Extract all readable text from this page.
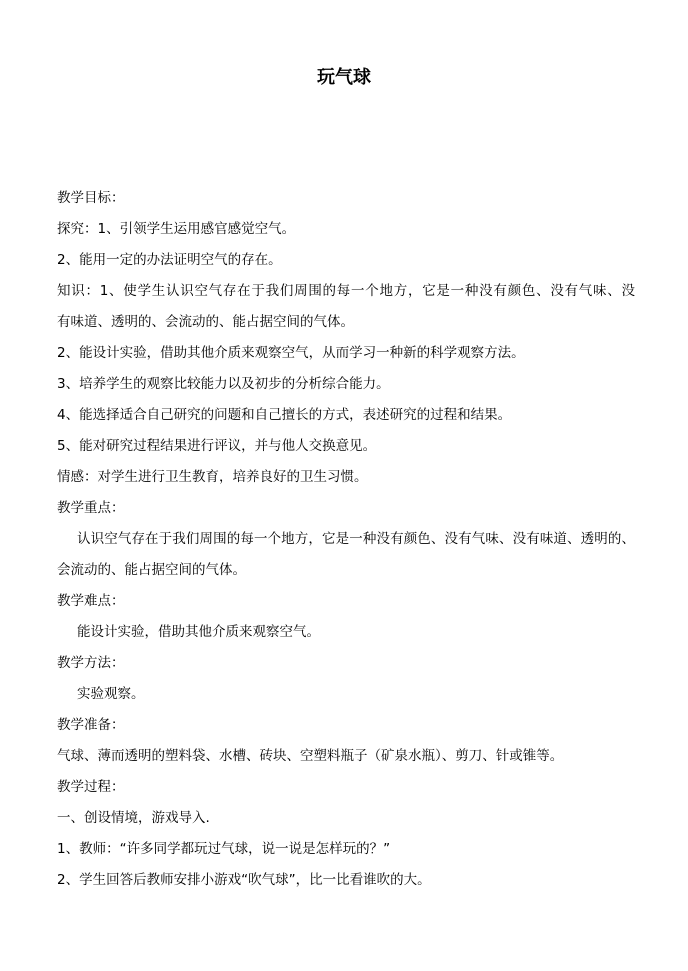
玩气球

教学目标：

探究：1、引领学生运用感官感觉空气。

2、能用一定的办法证明空气的存在。

知识：1、使学生认识空气存在于我们周围的每一个地方，它是一种没有颜色、没有气味、没

有味道、透明的、会流动的、能占据空间的气体。

2、能设计实验，借助其他介质来观察空气，从而学习一种新的科学观察方法。

3、培养学生的观察比较能力以及初步的分析综合能力。

4、能选择适合自己研究的问题和自己擅长的方式，表述研究的过程和结果。

5、能对研究过程结果进行评议，并与他人交换意见。

情感：对学生进行卫生教育，培养良好的卫生习惯。

教学重点：

认识空气存在于我们周围的每一个地方，它是一种没有颜色、没有气味、没有味道、透明的、

会流动的、能占据空间的气体。

教学难点：

能设计实验，借助其他介质来观察空气。

教学方法：

实验观察。

教学准备：

气球、薄而透明的塑料袋、水槽、砖块、空塑料瓶子（矿泉水瓶）、剪刀、针或锥等。

教学过程：

一、创设情境，游戏导入.

1、教师：“许多同学都玩过气球，说一说是怎样玩的？”

2、学生回答后教师安排小游戏“吹气球”，比一比看谁吹的大。
